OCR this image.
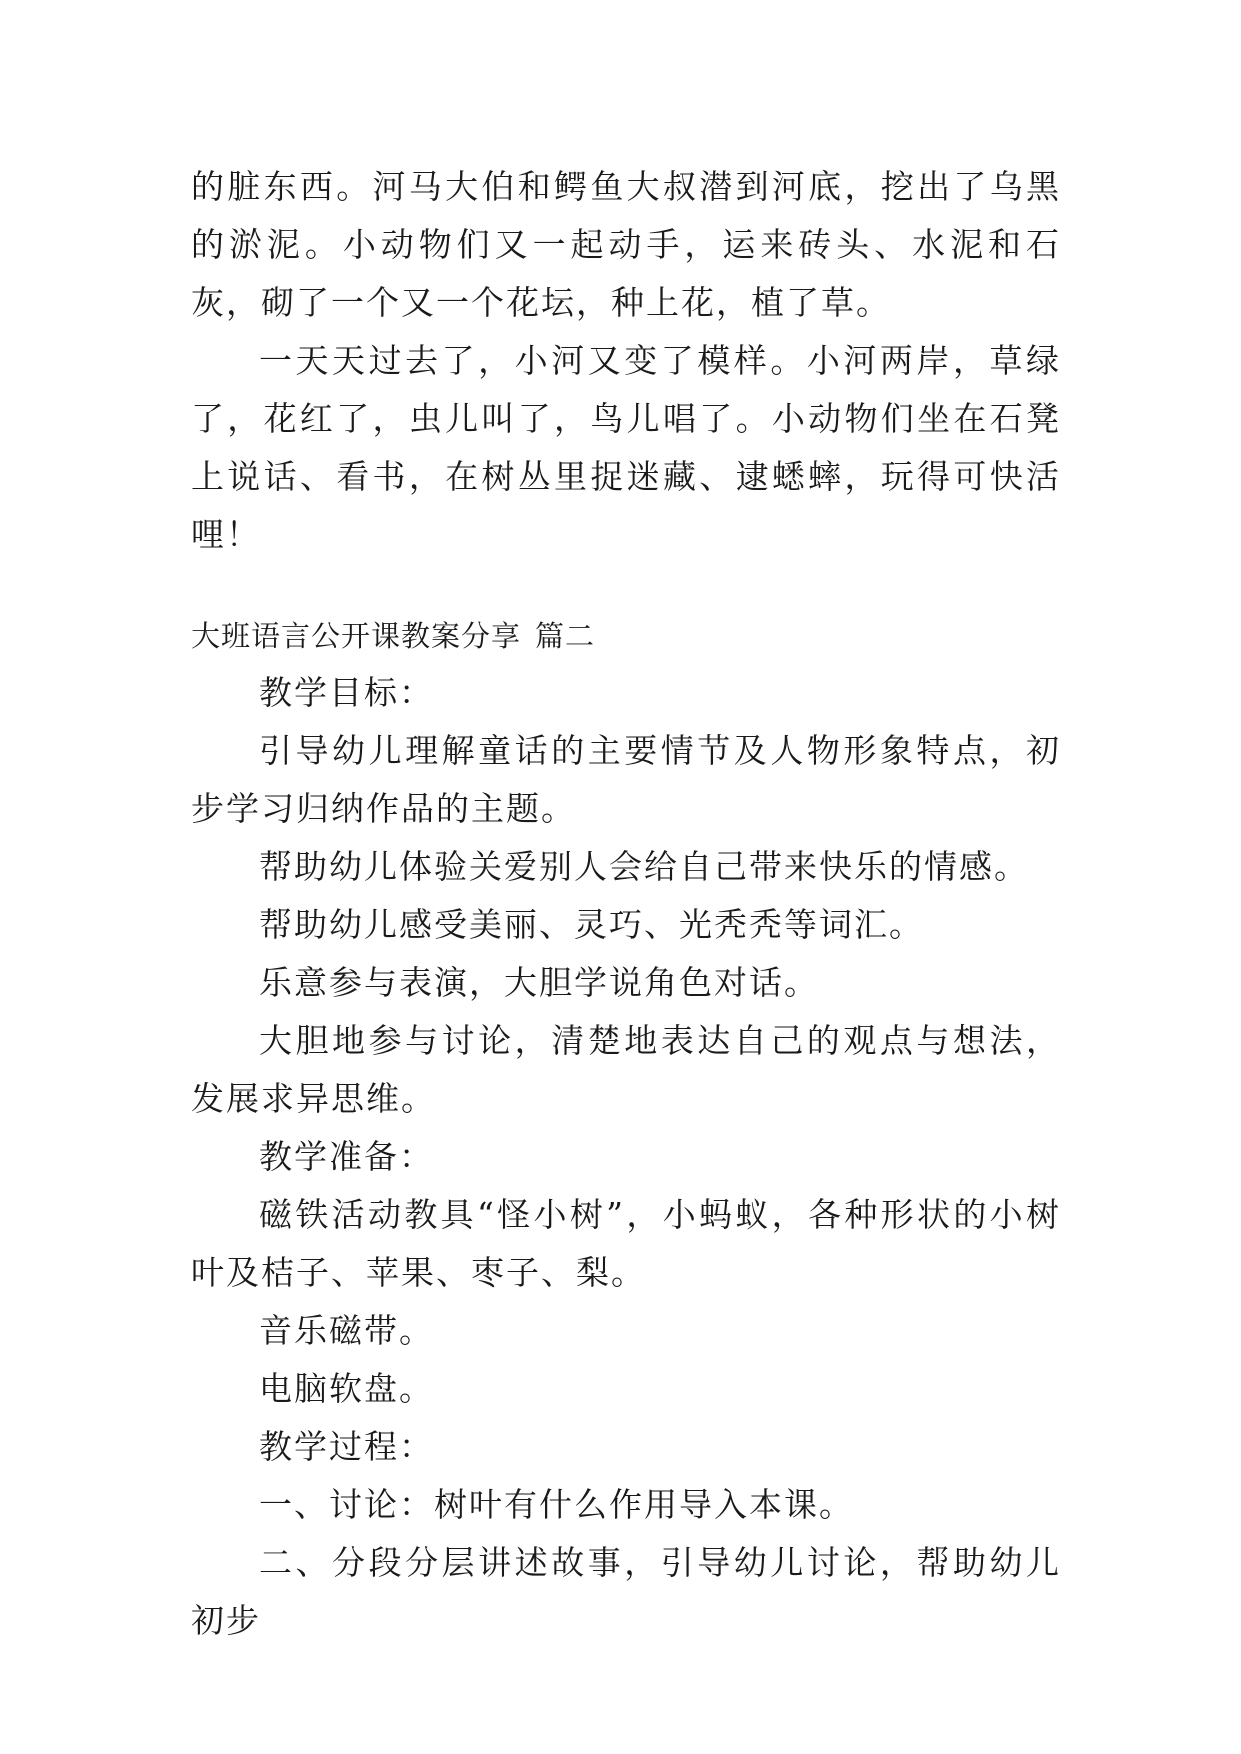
的脏东西。河马大伯和鳄鱼大叔潜到河底，挖出了乌黑的淤泥。小动物们又一起动手，运来砖头、水泥和石灰，砌了一个又一个花坛，种上花，植了草。

一天天过去了，小河又变了模样。小河两岸，草绿了，花红了，虫儿叫了，鸟儿唱了。小动物们坐在石凳上说话、看书，在树丛里捉迷藏、逮蟋蟀，玩得可快活哩！

大班语言公开课教案分享 篇二

教学目标：

引导幼儿理解童话的主要情节及人物形象特点，初步学习归纳作品的主题。

帮助幼儿体验关爱别人会给自己带来快乐的情感。

帮助幼儿感受美丽、灵巧、光秃秃等词汇。

乐意参与表演，大胆学说角色对话。

大胆地参与讨论，清楚地表达自己的观点与想法，发展求异思维。

教学准备：

磁铁活动教具“怪小树”，小蚂蚁，各种形状的小树叶及桔子、苹果、枣子、梨。

音乐磁带。

电脑软盘。

教学过程：

一、讨论：树叶有什么作用导入本课。

二、分段分层讲述故事，引导幼儿讨论，帮助幼儿初步
